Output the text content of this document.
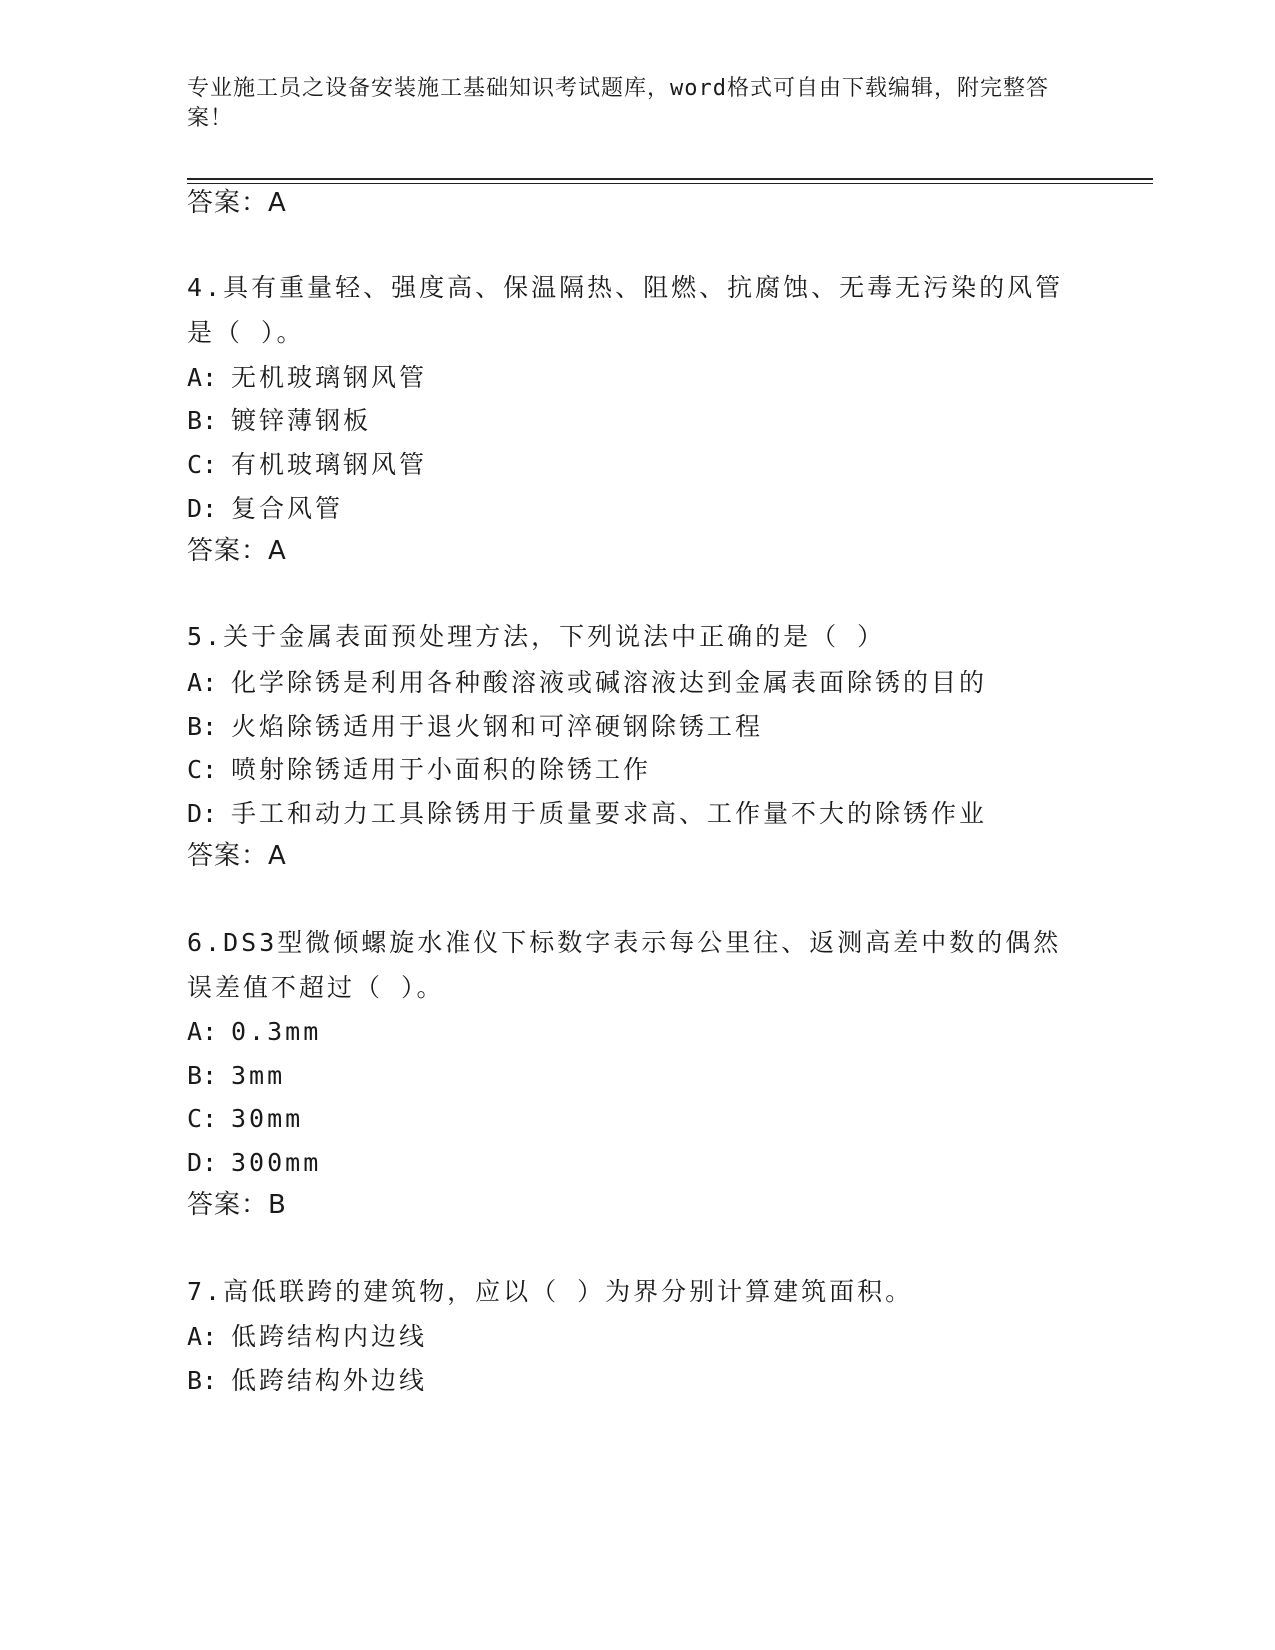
专业施工员之设备安装施工基础知识考试题库，word格式可自由下载编辑，附完整答案！
答案：A
4.具有重量轻、强度高、保温隔热、阻燃、抗腐蚀、无毒无污染的风管是（ ）。
A: 无机玻璃钢风管
B: 镀锌薄钢板
C: 有机玻璃钢风管
D: 复合风管
答案：A
5.关于金属表面预处理方法，下列说法中正确的是（ ）
A: 化学除锈是利用各种酸溶液或碱溶液达到金属表面除锈的目的
B: 火焰除锈适用于退火钢和可淬硬钢除锈工程
C: 喷射除锈适用于小面积的除锈工作
D: 手工和动力工具除锈用于质量要求高、工作量不大的除锈作业
答案：A
6.DS3型微倾螺旋水准仪下标数字表示每公里往、返测高差中数的偶然误差值不超过（ ）。
A: 0.3mm
B: 3mm
C: 30mm
D: 300mm
答案：B
7.高低联跨的建筑物，应以（ ）为界分别计算建筑面积。
A: 低跨结构内边线
B: 低跨结构外边线
